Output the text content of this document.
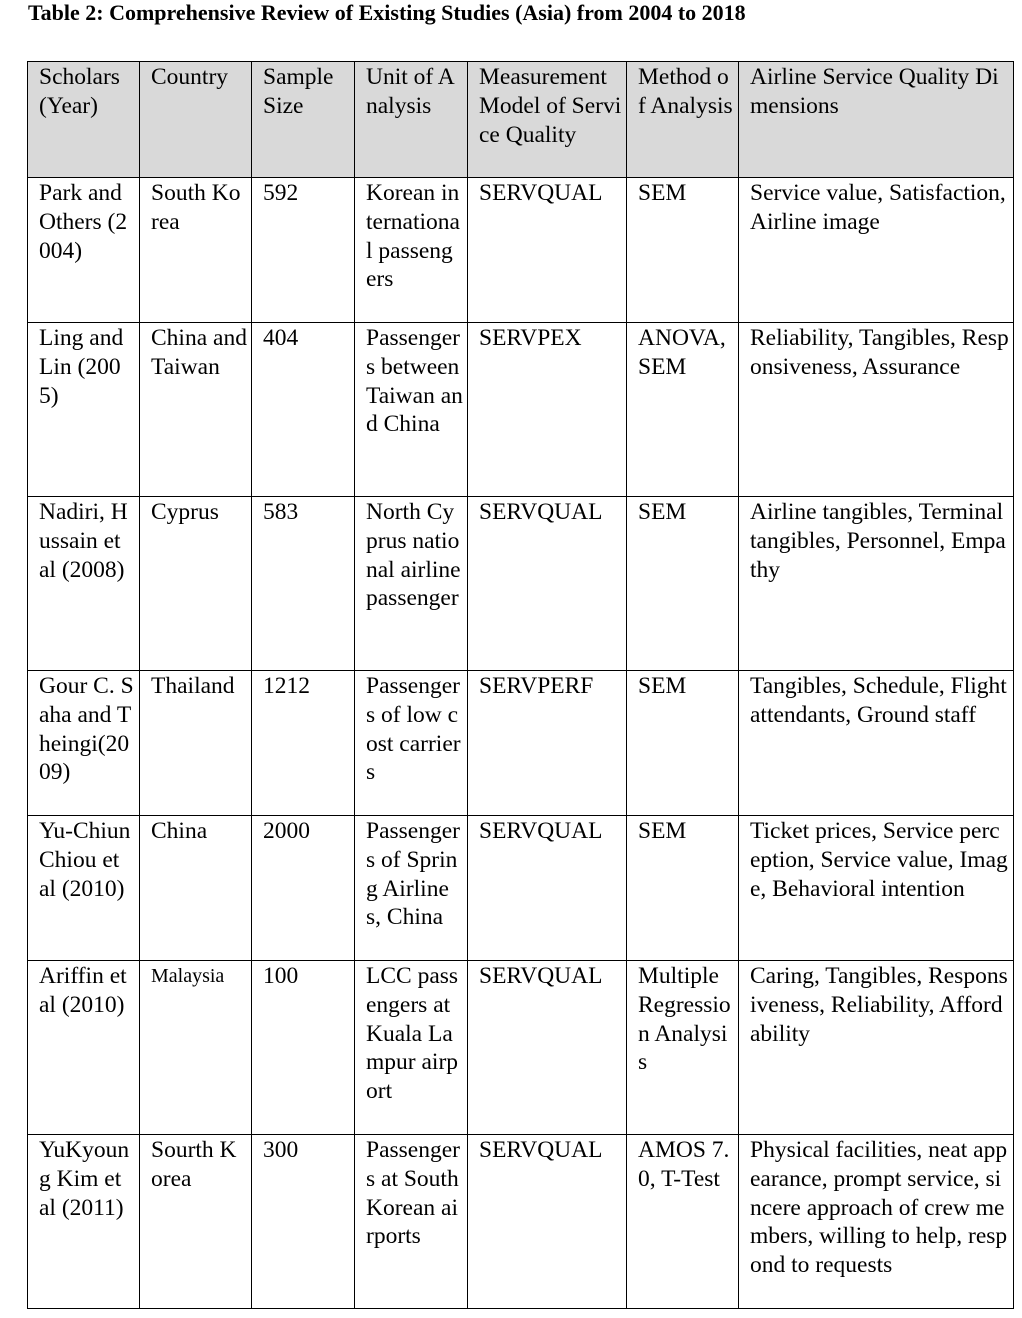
Table 2: Comprehensive Review of Existing Studies (Asia) from 2004 to 2018
Scholars (Year)	Country	Sample Size	Unit of Analysis	Measurement Model of Service Quality	Method of Analysis	Airline Service Quality Dimensions
Park and Others (2004)	South Korea	592	Korean international passengers	SERVQUAL	SEM	Service value, Satisfaction, Airline image
Ling and Lin (2005)	China and Taiwan	404	Passengers between Taiwan and China	SERVPEX	ANOVA, SEM	Reliability, Tangibles, Responsiveness, Assurance
Nadiri, Hussain et al (2008)	Cyprus	583	North Cyprus national airline passenger	SERVQUAL	SEM	Airline tangibles, Terminal tangibles, Personnel, Empathy
Gour C. Saha and Theingi(2009)	Thailand	1212	Passengers of low cost carriers	SERVPERF	SEM	Tangibles, Schedule, Flight attendants, Ground staff
Yu-ChiunChiou et al (2010)	China	2000	Passengers of Spring Airlines, China	SERVQUAL	SEM	Ticket prices, Service perception, Service value, Image, Behavioral intention
Ariffin et al (2010)	Malaysia	100	LCC passengers at Kuala Lampur airport	SERVQUAL	Multiple Regression Analysis	Caring, Tangibles, Responsiveness, Reliability, Affordability
YuKyoung Kim et al (2011)	Sourth Korea	300	Passengers at South Korean airports	SERVQUAL	AMOS 7.0, T-Test	Physical facilities, neat appearance, prompt service, sincere approach of crew members, willing to help, respond to requests
